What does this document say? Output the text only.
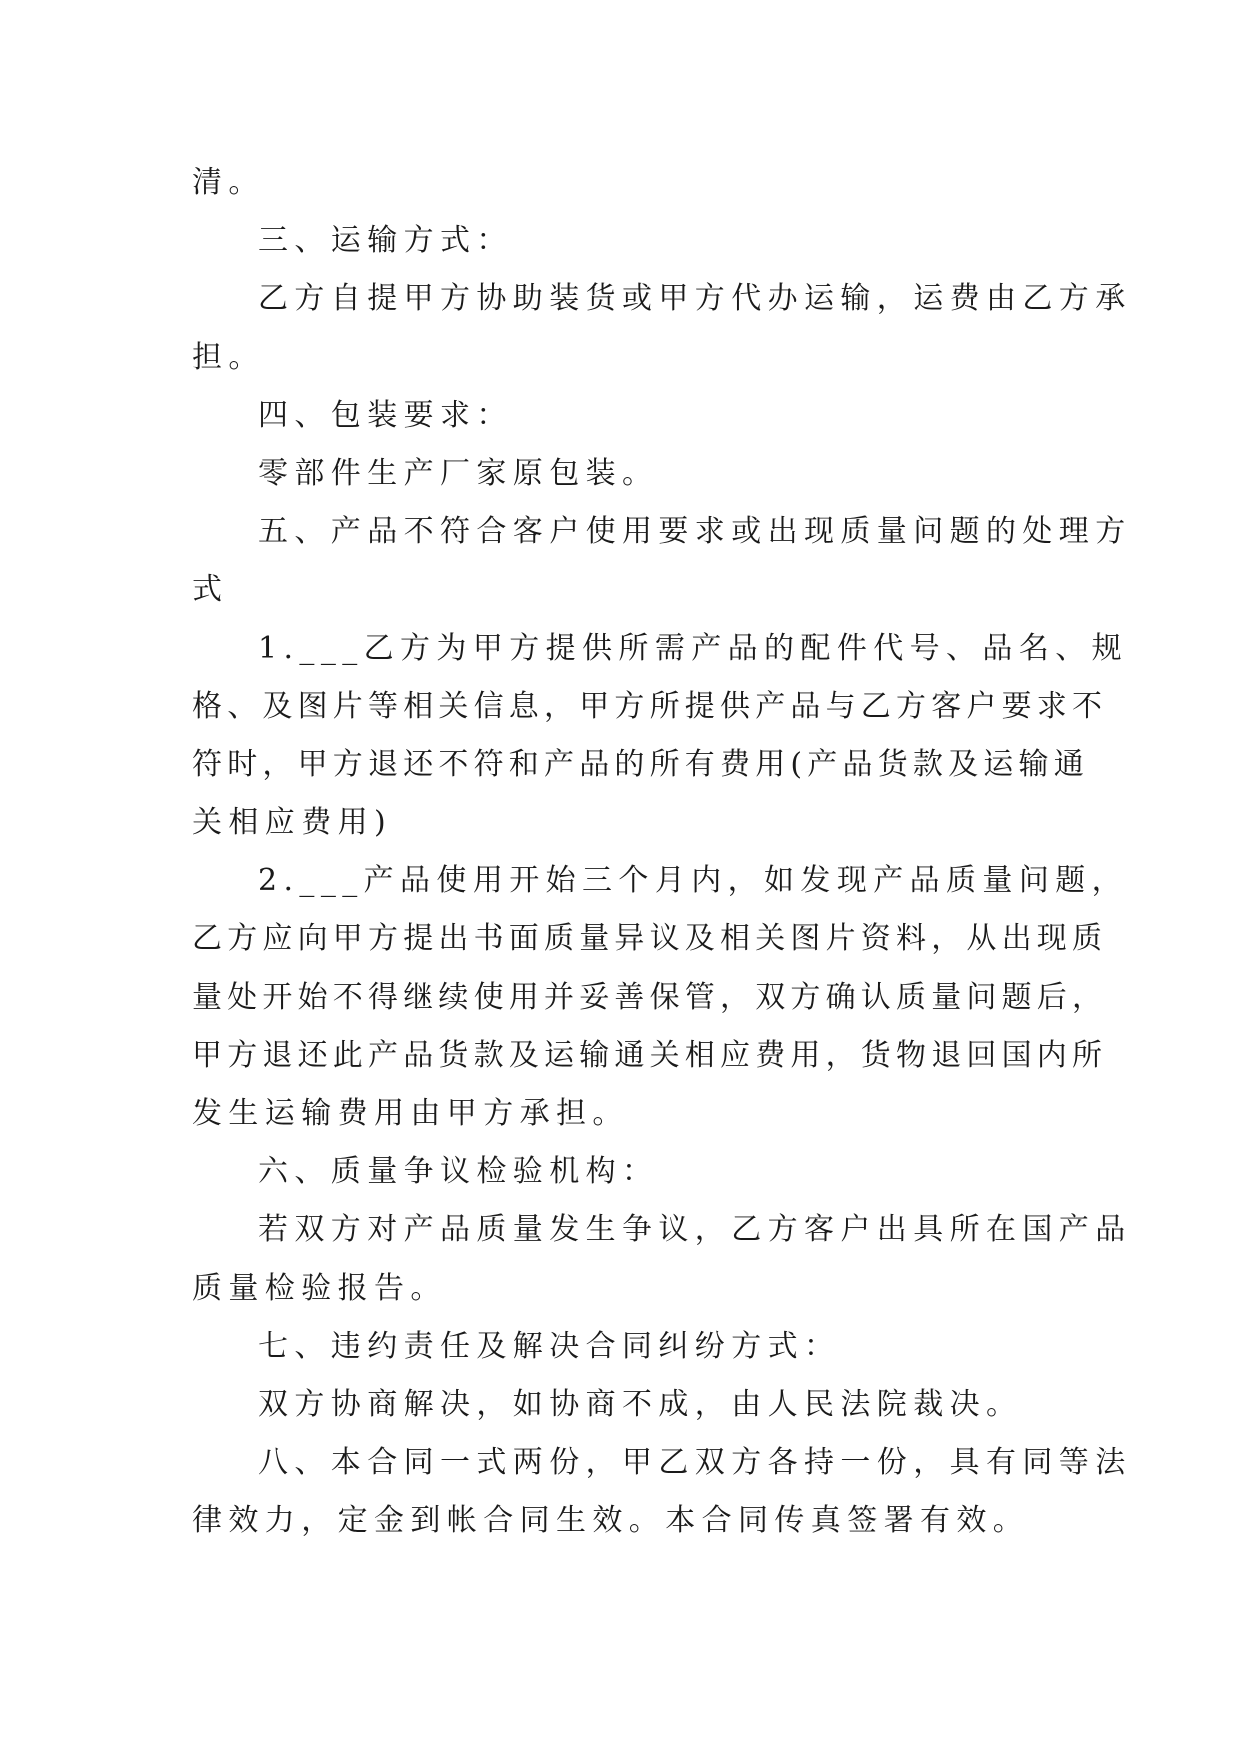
清。

三、运输方式：

乙方自提甲方协助装货或甲方代办运输，运费由乙方承

担。

四、包装要求：

零部件生产厂家原包装。

五、产品不符合客户使用要求或出现质量问题的处理方

式

1.___乙方为甲方提供所需产品的配件代号、品名、规

格、及图片等相关信息，甲方所提供产品与乙方客户要求不

符时，甲方退还不符和产品的所有费用(产品货款及运输通

关相应费用)

2.___产品使用开始三个月内，如发现产品质量问题，

乙方应向甲方提出书面质量异议及相关图片资料，从出现质

量处开始不得继续使用并妥善保管，双方确认质量问题后，

甲方退还此产品货款及运输通关相应费用，货物退回国内所

发生运输费用由甲方承担。

六、质量争议检验机构：

若双方对产品质量发生争议，乙方客户出具所在国产品

质量检验报告。

七、违约责任及解决合同纠纷方式：

双方协商解决，如协商不成，由人民法院裁决。

八、本合同一式两份，甲乙双方各持一份，具有同等法

律效力，定金到帐合同生效。本合同传真签署有效。
